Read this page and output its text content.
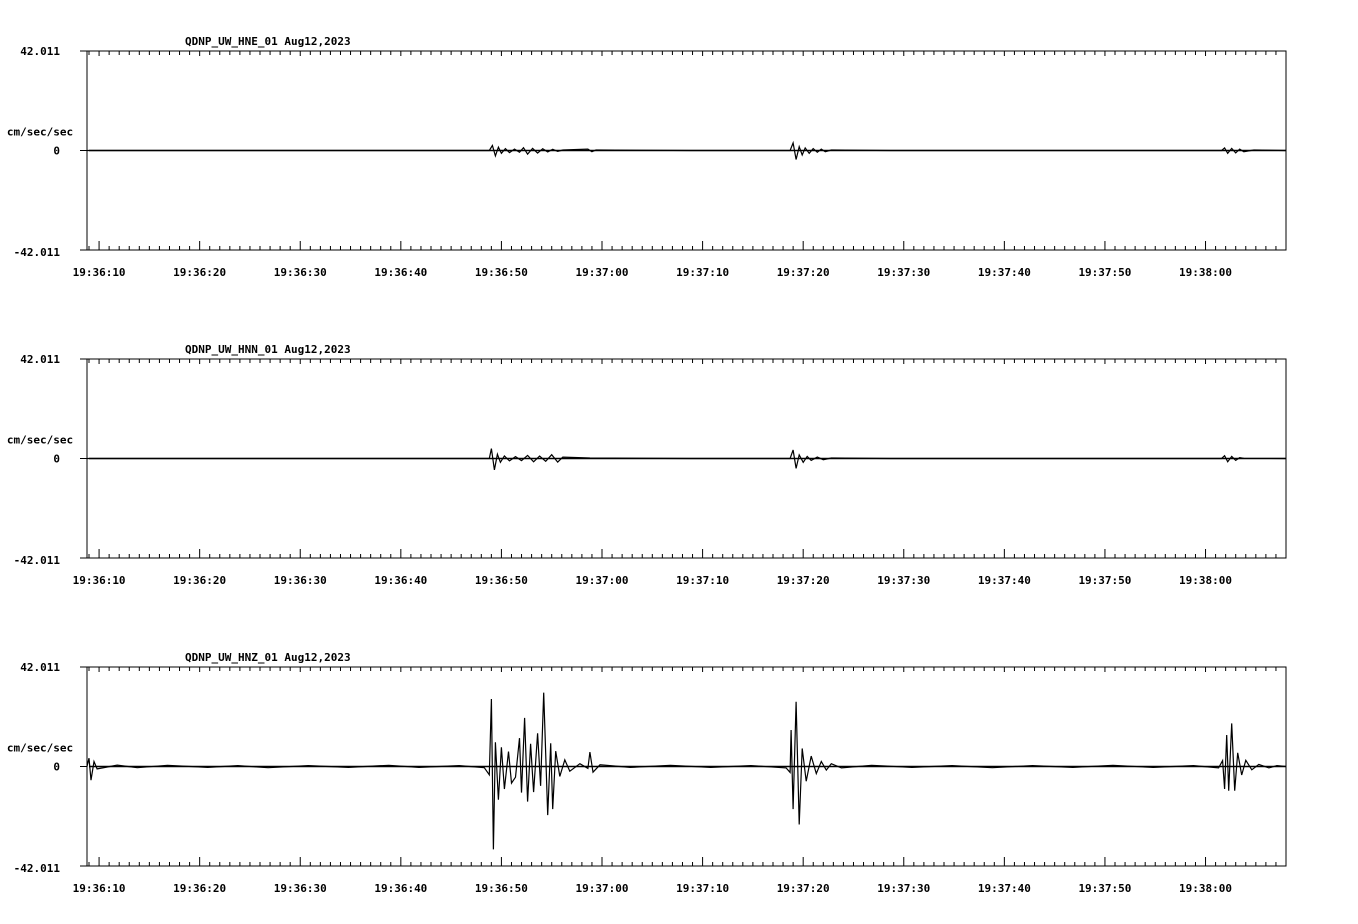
QDNP_UW_HNE_01 Aug12,2023
42.011
0
-42.011
cm/sec/sec
19:36:10	19:36:20	19:36:30	19:36:40	19:36:50	19:37:00	19:37:10	19:37:20	19:37:30	19:37:40	19:37:50	19:38:00
QDNP_UW_HNN_01 Aug12,2023
42.011
0
-42.011
cm/sec/sec
19:36:10	19:36:20	19:36:30	19:36:40	19:36:50	19:37:00	19:37:10	19:37:20	19:37:30	19:37:40	19:37:50	19:38:00
QDNP_UW_HNZ_01 Aug12,2023
42.011
0
-42.011
cm/sec/sec
19:36:10	19:36:20	19:36:30	19:36:40	19:36:50	19:37:00	19:37:10	19:37:20	19:37:30	19:37:40	19:37:50	19:38:00
